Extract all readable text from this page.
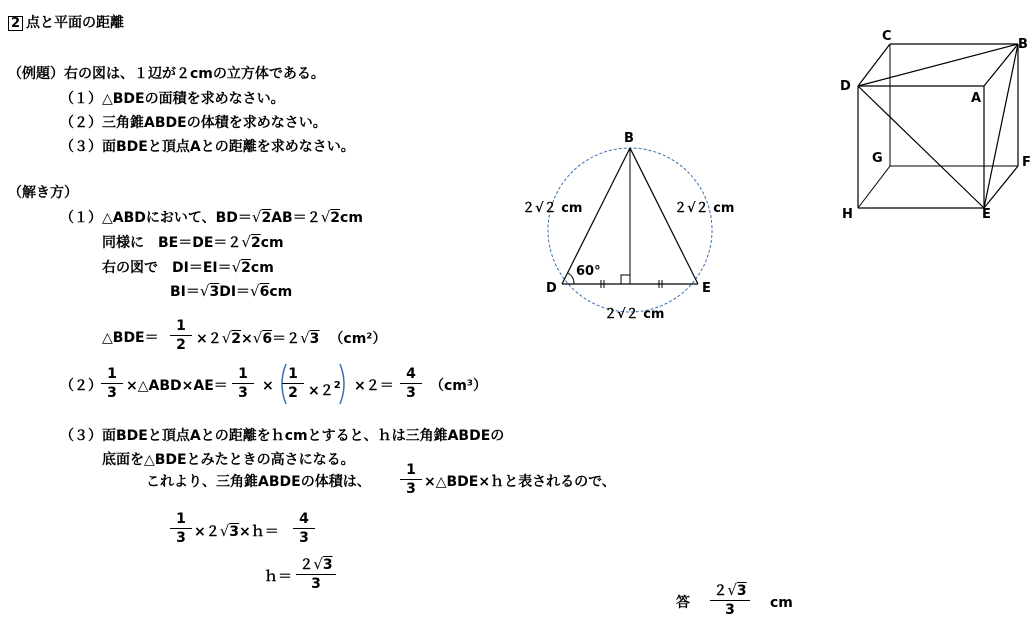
2 点と平面の距離
（例題）右の図は、１辺が２cmの立方体である。
（１）△BDEの面積を求めなさい。
（２）三角錐ABDEの体積を求めなさい。
（３）面BDEと頂点Aとの距離を求めなさい。
（解き方）
（１）△ABDにおいて、BD＝√2AB＝２√2cm
同様に　BE＝DE＝２√2cm
右の図で　DI＝EI＝√2cm
BI＝√3DI＝√6cm
△BDE＝
1
2 ×２√2×√6＝２√3 （cm²）
（２）
1
3 ×△ABD×AE＝
1
3	×
1
$2 \times 2^2 \times 2=$
4
3	（cm³）
（３）面BDEと頂点Aとの距離をｈcmとすると、ｈは三角錐ABDEの
底面を△BDEとみたときの高さになる。
これより、三角錐ABDEの体積は、
1
3 ×△BDE×ｈと表されるので、
1
3 ×２√3×ｈ＝
4
3
ｈ＝
２√3
3
答
２√3
3	cm
B
D	E
60°
２√２ cm	２√２ cm
２√２ cm
C
B
D
A
G	F
H	E
